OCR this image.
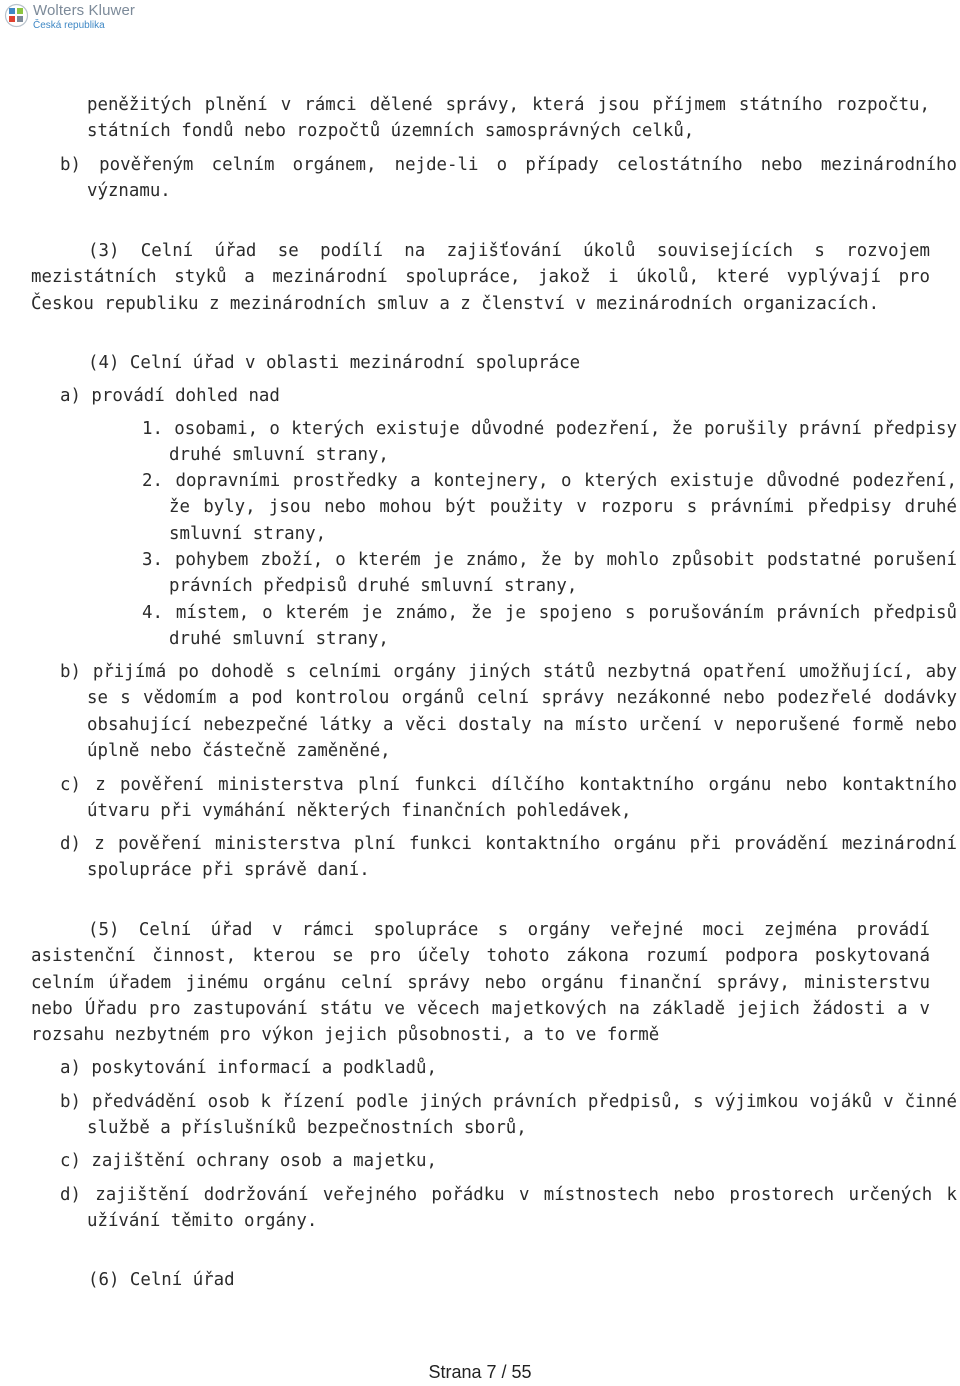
Wolters Kluwer
Česká republika

peněžitých plnění v rámci dělené správy, která jsou příjmem státního rozpočtu, státních fondů nebo rozpočtů územních samosprávných celků,

b) pověřeným celním orgánem, nejde-li o případy celostátního nebo mezinárodního významu.

(3) Celní úřad se podílí na zajišťování úkolů souvisejících s rozvojem mezistátních styků a mezinárodní spolupráce, jakož i úkolů, které vyplývají pro Českou republiku z mezinárodních smluv a z členství v mezinárodních organizacích.

(4) Celní úřad v oblasti mezinárodní spolupráce

a) provádí dohled nad

1. osobami, o kterých existuje důvodné podezření, že porušily právní předpisy druhé smluvní strany,

2. dopravními prostředky a kontejnery, o kterých existuje důvodné podezření, že byly, jsou nebo mohou být použity v rozporu s právními předpisy druhé smluvní strany,

3. pohybem zboží, o kterém je známo, že by mohlo způsobit podstatné porušení právních předpisů druhé smluvní strany,

4. místem, o kterém je známo, že je spojeno s porušováním právních předpisů druhé smluvní strany,

b) přijímá po dohodě s celními orgány jiných států nezbytná opatření umožňující, aby se s vědomím a pod kontrolou orgánů celní správy nezákonné nebo podezřelé dodávky obsahující nebezpečné látky a věci dostaly na místo určení v neporušené formě nebo úplně nebo částečně zaměněné,

c) z pověření ministerstva plní funkci dílčího kontaktního orgánu nebo kontaktního útvaru při vymáhání některých finančních pohledávek,

d) z pověření ministerstva plní funkci kontaktního orgánu při provádění mezinárodní spolupráce při správě daní.

(5) Celní úřad v rámci spolupráce s orgány veřejné moci zejména provádí asistenční činnost, kterou se pro účely tohoto zákona rozumí podpora poskytovaná celním úřadem jinému orgánu celní správy nebo orgánu finanční správy, ministerstvu nebo Úřadu pro zastupování státu ve věcech majetkových na základě jejich žádosti a v rozsahu nezbytném pro výkon jejich působnosti, a to ve formě

a) poskytování informací a podkladů,

b) předvádění osob k řízení podle jiných právních předpisů, s výjimkou vojáků v činné službě a příslušníků bezpečnostních sborů,

c) zajištění ochrany osob a majetku,

d) zajištění dodržování veřejného pořádku v místnostech nebo prostorech určených k užívání těmito orgány.

(6) Celní úřad

Strana 7 / 55
